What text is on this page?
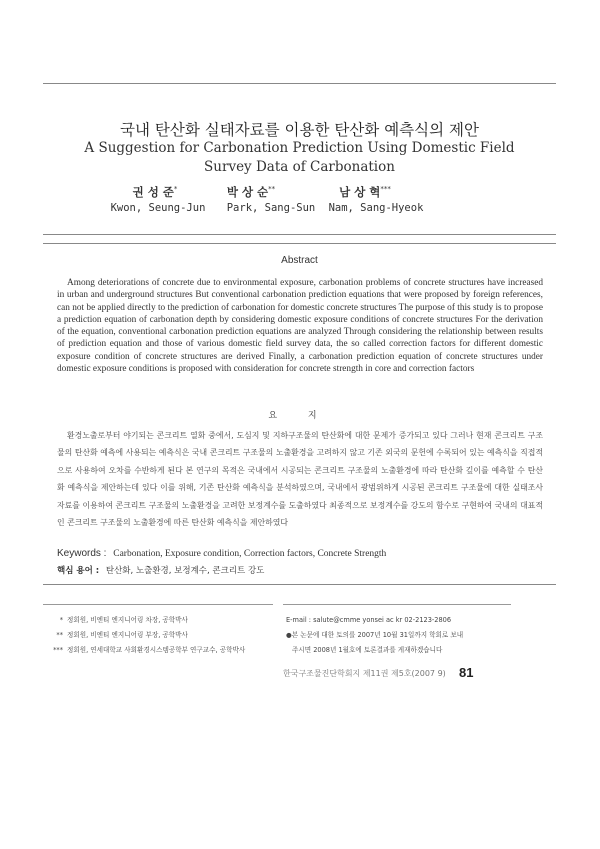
국내 탄산화 실태자료를 이용한 탄산화 예측식의 제안
A Suggestion for Carbonation Prediction Using Domestic Field
Survey Data of Carbonation
권 성 준*	박 상 순**	남 상 혁***
Kwon, Seung-Jun	Park, Sang-Sun	Nam, Sang-Hyeok
Abstract
Among deteriorations of concrete due to environmental exposure, carbonation problems of concrete structures have increased in urban and underground structures But conventional carbonation prediction equations that were proposed by foreign references, can not be applied directly to the prediction of carbonation for domestic concrete structures The purpose of this study is to propose a prediction equation of carbonation depth by considering domestic exposure conditions of concrete structures For the derivation of the equation, conventional carbonation prediction equations are analyzed Through considering the relationship between results of prediction equation and those of various domestic field survey data, the so called correction factors for different domestic exposure condition of concrete structures are derived Finally, a carbonation prediction equation of concrete structures under domestic exposure conditions is proposed with consideration for concrete strength in core and correction factors
요 지
환경노출로부터 야기되는 콘크리트 열화 중에서, 도심지 및 지하구조물의 탄산화에 대한 문제가 증가되고 있다 그러나 현재 콘크리트 구조물의 탄산화 예측에 사용되는 예측식은 국내 콘크리트 구조물의 노출환경을 고려하지 않고 기존 외국의 문헌에 수록되어 있는 예측식을 직접적으로 사용하여 오차를 수반하게 된다 본 연구의 목적은 국내에서 시공되는 콘크리트 구조물의 노출환경에 따라 탄산화 깊이를 예측할 수 탄산화 예측식을 제안하는데 있다 이를 위해, 기존 탄산화 예측식을 분석하였으며, 국내에서 광범위하게 시공된 콘크리트 구조물에 대한 실태조사자료를 이용하여 콘크리트 구조물의 노출환경을 고려한 보정계수를 도출하였다 최종적으로 보정계수를 강도의 함수로 구현하여 국내의 대표적인 콘크리트 구조물의 노출환경에 따른 탄산화 예측식을 제안하였다
Keywords : Carbonation, Exposure condition, Correction factors, Concrete Strength
핵심 용어 : 탄산화, 노출환경, 보정계수, 콘크리트 강도
* 정회원, 비엔티 엔지니어링 차장, 공학박사
** 정회원, 비엔티 엔지니어링 부장, 공학박사
*** 정회원, 연세대학교 사회환경시스템공학부 연구교수, 공학박사
E-mail : salute@cmme yonsei ac kr 02-2123-2806
●본 논문에 대한 토의를 2007년 10월 31일까지 학회로 보내
주시면 2008년 1월호에 토론결과를 게재하겠습니다
한국구조물진단학회지 제11권 제5호(2007 9) 81
